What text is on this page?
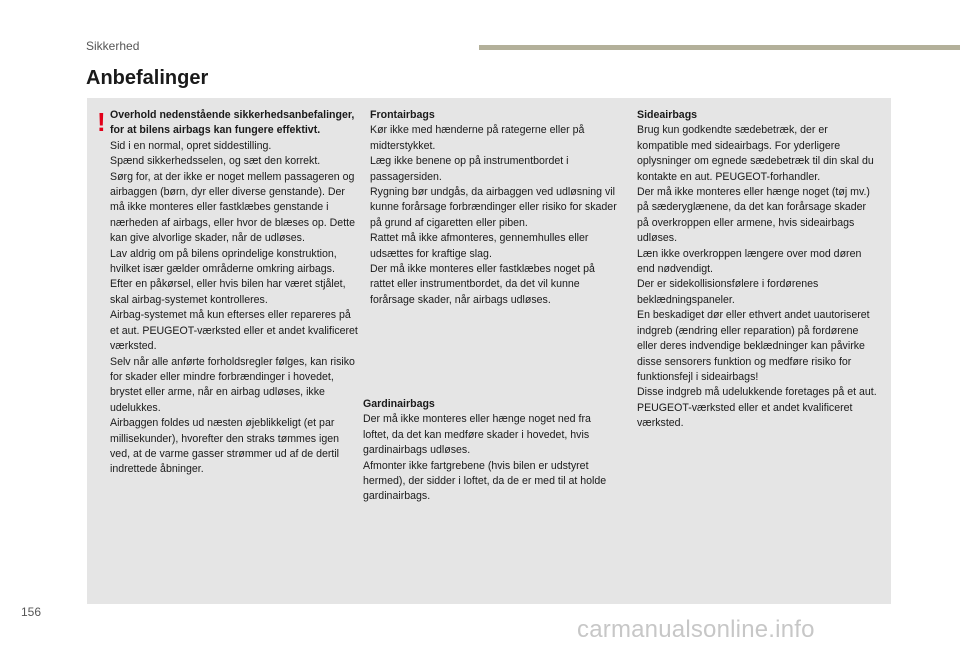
Sikkerhed
Anbefalinger
! Overhold nedenstående sikkerhedsanbefalinger, for at bilens airbags kan fungere effektivt.

Sid i en normal, opret siddestilling.

Spænd sikkerhedsselen, og sæt den korrekt.

Sørg for, at der ikke er noget mellem passageren og airbaggen (børn, dyr eller diverse genstande). Der må ikke monteres eller fastklæbes genstande i nærheden af airbags, eller hvor de blæses op. Dette kan give alvorlige skader, når de udløses.

Lav aldrig om på bilens oprindelige konstruktion, hvilket især gælder områderne omkring airbags.

Efter en påkørsel, eller hvis bilen har været stjålet, skal airbag-systemet kontrolleres.

Airbag-systemet må kun efterses eller repareres på et aut. PEUGEOT-værksted eller et andet kvalificeret værksted.

Selv når alle anførte forholdsregler følges, kan risiko for skader eller mindre forbrændinger i hovedet, brystet eller arme, når en airbag udløses, ikke udelukkes.

Airbaggen foldes ud næsten øjeblikkeligt (et par millisekunder), hvorefter den straks tømmes igen ved, at de varme gasser strømmer ud af de dertil indrettede åbninger.

Frontairbags

Kør ikke med hænderne på rategerne eller på midterstykket.

Læg ikke benene op på instrumentbordet i passagersiden.

Rygning bør undgås, da airbaggen ved udløsning vil kunne forårsage forbrændinger eller risiko for skader på grund af cigaretten eller piben.

Rattet må ikke afmonteres, gennemhulles eller udsættes for kraftige slag.

Der må ikke monteres eller fastklæbes noget på rattet eller instrumentbordet, da det vil kunne forårsage skader, når airbags udløses.

Gardinairbags

Der må ikke monteres eller hænge noget ned fra loftet, da det kan medføre skader i hovedet, hvis gardinairbags udløses.

Afmonter ikke fartgrebene (hvis bilen er udstyret hermed), der sidder i loftet, da de er med til at holde gardinairbags.

Sideairbags

Brug kun godkendte sædebetræk, der er kompatible med sideairbags. For yderligere oplysninger om egnede sædebetræk til din skal du kontakte en aut. PEUGEOT-forhandler.

Der må ikke monteres eller hænge noget (tøj mv.) på sæderyglænene, da det kan forårsage skader på overkroppen eller armene, hvis sideairbags udløses.

Læn ikke overkroppen længere over mod døren end nødvendigt.

Der er sidekollisionsfølere i fordørenes beklædningspaneler.

En beskadiget dør eller ethvert andet uautoriseret indgreb (ændring eller reparation) på fordørene eller deres indvendige beklædninger kan påvirke disse sensorers funktion og medføre risiko for funktionsfejl i sideairbags!

Disse indgreb må udelukkende foretages på et aut. PEUGEOT-værksted eller et andet kvalificeret værksted.

156
carmanualsonline.info
